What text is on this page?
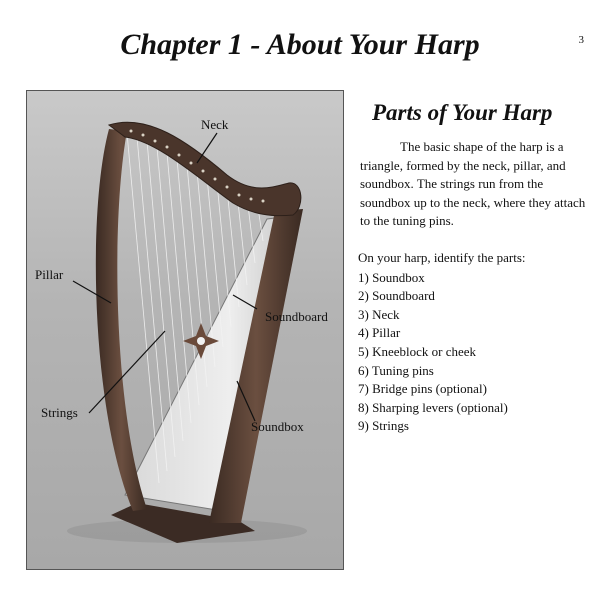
3
Chapter 1 - About Your Harp
Neck
Pillar
Soundboard
Strings
Soundbox
Parts of Your Harp

The basic shape of the harp is a triangle, formed by the neck, pillar, and soundbox. The strings run from the soundbox up to the neck, where they attach to the tuning pins.

On your harp, identify the parts:

1) Soundbox
2) Soundboard
3) Neck
4) Pillar
5) Kneeblock or cheek
6) Tuning pins
7) Bridge pins (optional)
8) Sharping levers (optional)
9) Strings
